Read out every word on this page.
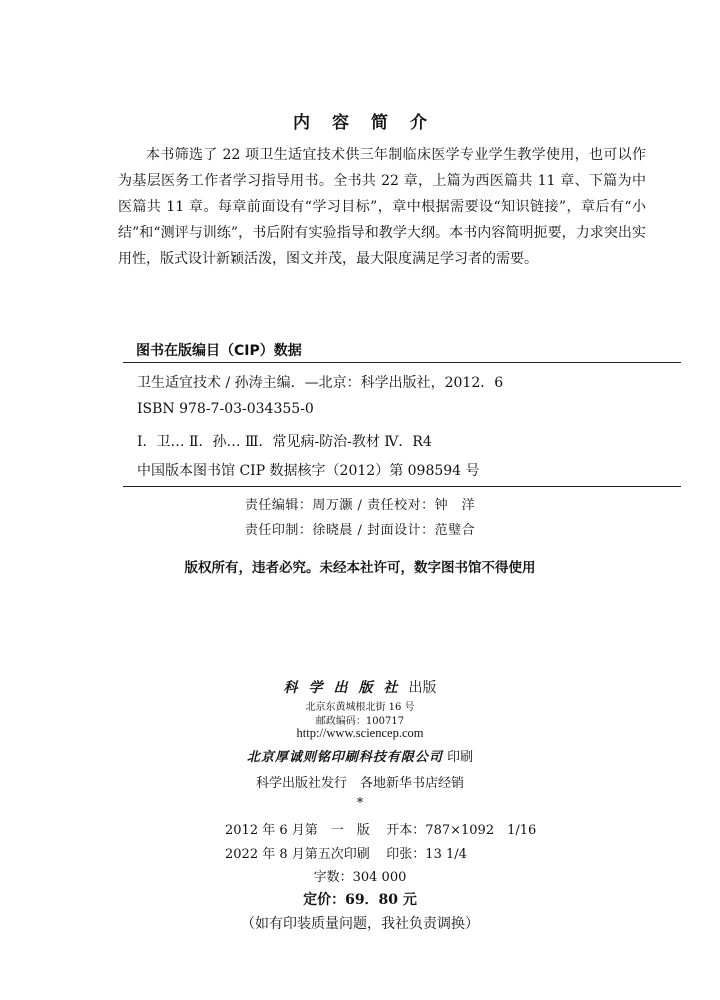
内容简介

本书筛选了 22 项卫生适宜技术供三年制临床医学专业学生教学使用，也可以作为基层医务工作者学习指导用书。全书共 22 章，上篇为西医篇共 11 章、下篇为中医篇共 11 章。每章前面设有“学习目标”，章中根据需要设“知识链接”，章后有“小结”和“测评与训练”，书后附有实验指导和教学大纲。本书内容简明扼要，力求突出实用性，版式设计新颖活泼，图文并茂，最大限度满足学习者的需要。

图书在版编目（CIP）数据
卫生适宜技术 / 孙涛主编．—北京：科学出版社，2012．6
ISBN 978-7-03-034355-0
Ⅰ．卫… Ⅱ．孙… Ⅲ．常见病-防治-教材 Ⅳ．R4
中国版本图书馆 CIP 数据核字（2012）第 098594 号
责任编辑：周万灏 / 责任校对：钟　洋
责任印制：徐晓晨 / 封面设计：范璧合
版权所有，违者必究。未经本社许可，数字图书馆不得使用
科学出版社出版
北京东黄城根北街 16 号
邮政编码：100717
http://www.sciencep.com
北京厚诚则铭印刷科技有限公司 印刷
科学出版社发行　各地新华书店经销
*
2012 年 6 月第　一　版 开本：787×1092　1/16
2022 年 8 月第五次印刷 印张：13 1/4
字数：304 000
定价：69．80 元
（如有印装质量问题，我社负责调换）
